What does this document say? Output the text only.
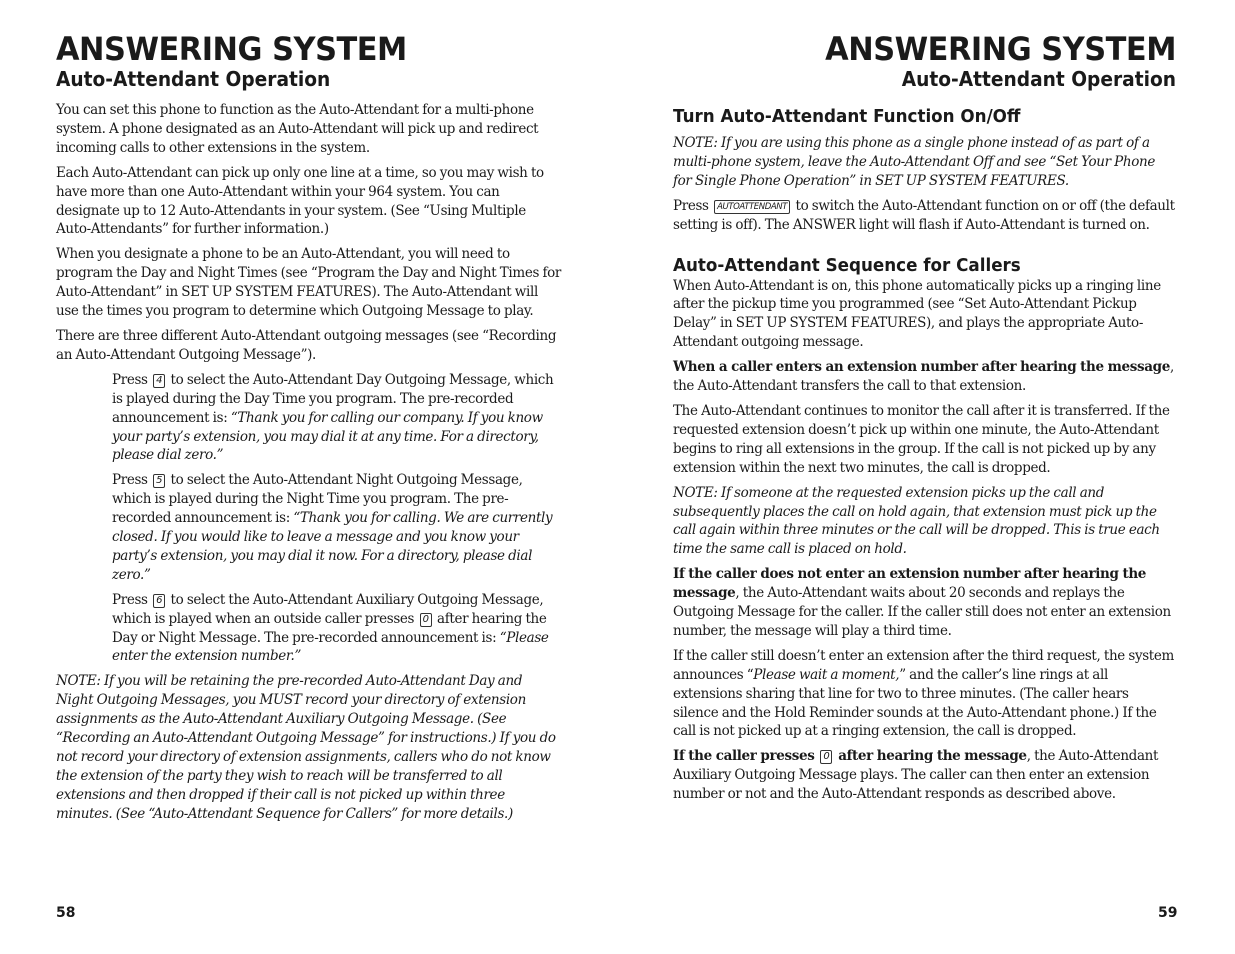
ANSWERING SYSTEM
Auto-Attendant Operation

You can set this phone to function as the Auto-Attendant for a multi-phone system. A phone designated as an Auto-Attendant will pick up and redirect incoming calls to other extensions in the system.

Each Auto-Attendant can pick up only one line at a time, so you may wish to have more than one Auto-Attendant within your 964 system. You can designate up to 12 Auto-Attendants in your system. (See “Using Multiple Auto-Attendants” for further information.)

When you designate a phone to be an Auto-Attendant, you will need to program the Day and Night Times (see “Program the Day and Night Times for Auto-Attendant” in SET UP SYSTEM FEATURES). The Auto-Attendant will use the times you program to determine which Outgoing Message to play.

There are three different Auto-Attendant outgoing messages (see “Recording an Auto-Attendant Outgoing Message”).

Press 4 to select the Auto-Attendant Day Outgoing Message, which is played during the Day Time you program. The pre-recorded announcement is: “Thank you for calling our company. If you know your party’s extension, you may dial it at any time. For a directory, please dial zero.”

Press 5 to select the Auto-Attendant Night Outgoing Message, which is played during the Night Time you program. The pre-recorded announcement is: “Thank you for calling. We are currently closed. If you would like to leave a message and you know your party’s extension, you may dial it now. For a directory, please dial zero.”

Press 6 to select the Auto-Attendant Auxiliary Outgoing Message, which is played when an outside caller presses 0 after hearing the Day or Night Message. The pre-recorded announcement is: “Please enter the extension number.”

NOTE: If you will be retaining the pre-recorded Auto-Attendant Day and Night Outgoing Messages, you MUST record your directory of extension assignments as the Auto-Attendant Auxiliary Outgoing Message. (See “Recording an Auto-Attendant Outgoing Message” for instructions.) If you do not record your directory of extension assignments, callers who do not know the extension of the party they wish to reach will be transferred to all extensions and then dropped if their call is not picked up within three minutes. (See “Auto-Attendant Sequence for Callers” for more details.)

58
ANSWERING SYSTEM
Auto-Attendant Operation
Turn Auto-Attendant Function On/Off

NOTE: If you are using this phone as a single phone instead of as part of a multi-phone system, leave the Auto-Attendant Off and see “Set Your Phone for Single Phone Operation” in SET UP SYSTEM FEATURES.

Press AUTOATTENDANT to switch the Auto-Attendant function on or off (the default setting is off). The ANSWER light will flash if Auto-Attendant is turned on.

Auto-Attendant Sequence for Callers

When Auto-Attendant is on, this phone automatically picks up a ringing line after the pickup time you programmed (see “Set Auto-Attendant Pickup Delay” in SET UP SYSTEM FEATURES), and plays the appropriate Auto-Attendant outgoing message.

When a caller enters an extension number after hearing the message, the Auto-Attendant transfers the call to that extension.

The Auto-Attendant continues to monitor the call after it is transferred. If the requested extension doesn’t pick up within one minute, the Auto-Attendant begins to ring all extensions in the group. If the call is not picked up by any extension within the next two minutes, the call is dropped.

NOTE: If someone at the requested extension picks up the call and subsequently places the call on hold again, that extension must pick up the call again within three minutes or the call will be dropped. This is true each time the same call is placed on hold.

If the caller does not enter an extension number after hearing the message, the Auto-Attendant waits about 20 seconds and replays the Outgoing Message for the caller. If the caller still does not enter an extension number, the message will play a third time.

If the caller still doesn’t enter an extension after the third request, the system announces “Please wait a moment,” and the caller’s line rings at all extensions sharing that line for two to three minutes. (The caller hears silence and the Hold Reminder sounds at the Auto-Attendant phone.) If the call is not picked up at a ringing extension, the call is dropped.

If the caller presses 0 after hearing the message, the Auto-Attendant Auxiliary Outgoing Message plays. The caller can then enter an extension number or not and the Auto-Attendant responds as described above.

59
